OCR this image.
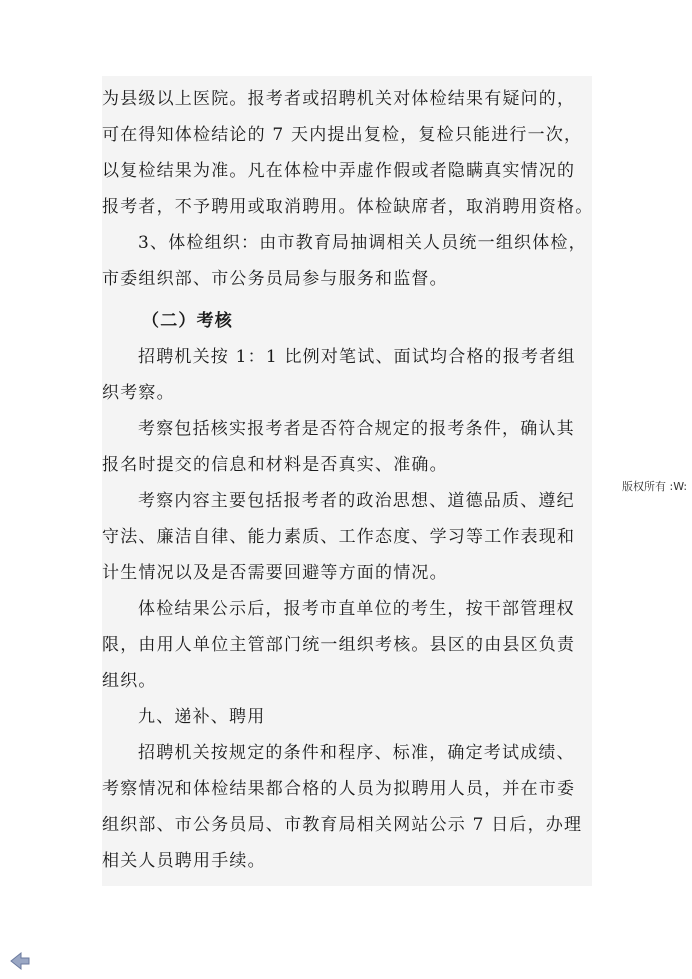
为县级以上医院。报考者或招聘机关对体检结果有疑问的，
可在得知体检结论的 7 天内提出复检，复检只能进行一次，
以复检结果为准。凡在体检中弄虚作假或者隐瞒真实情况的
报考者，不予聘用或取消聘用。体检缺席者，取消聘用资格。
3、体检组织：由市教育局抽调相关人员统一组织体检，
市委组织部、市公务员局参与服务和监督。
（二）考核
招聘机关按 1：1 比例对笔试、面试均合格的报考者组
织考察。
考察包括核实报考者是否符合规定的报考条件，确认其
报名时提交的信息和材料是否真实、准确。
考察内容主要包括报考者的政治思想、道德品质、遵纪
守法、廉洁自律、能力素质、工作态度、学习等工作表现和
计生情况以及是否需要回避等方面的情况。
体检结果公示后，报考市直单位的考生，按干部管理权
限，由用人单位主管部门统一组织考核。县区的由县区负责
组织。
九、递补、聘用
招聘机关按规定的条件和程序、标准，确定考试成绩、
考察情况和体检结果都合格的人员为拟聘用人员，并在市委
组织部、市公务员局、市教育局相关网站公示 7 日后，办理
相关人员聘用手续。
版权所有 :W:
